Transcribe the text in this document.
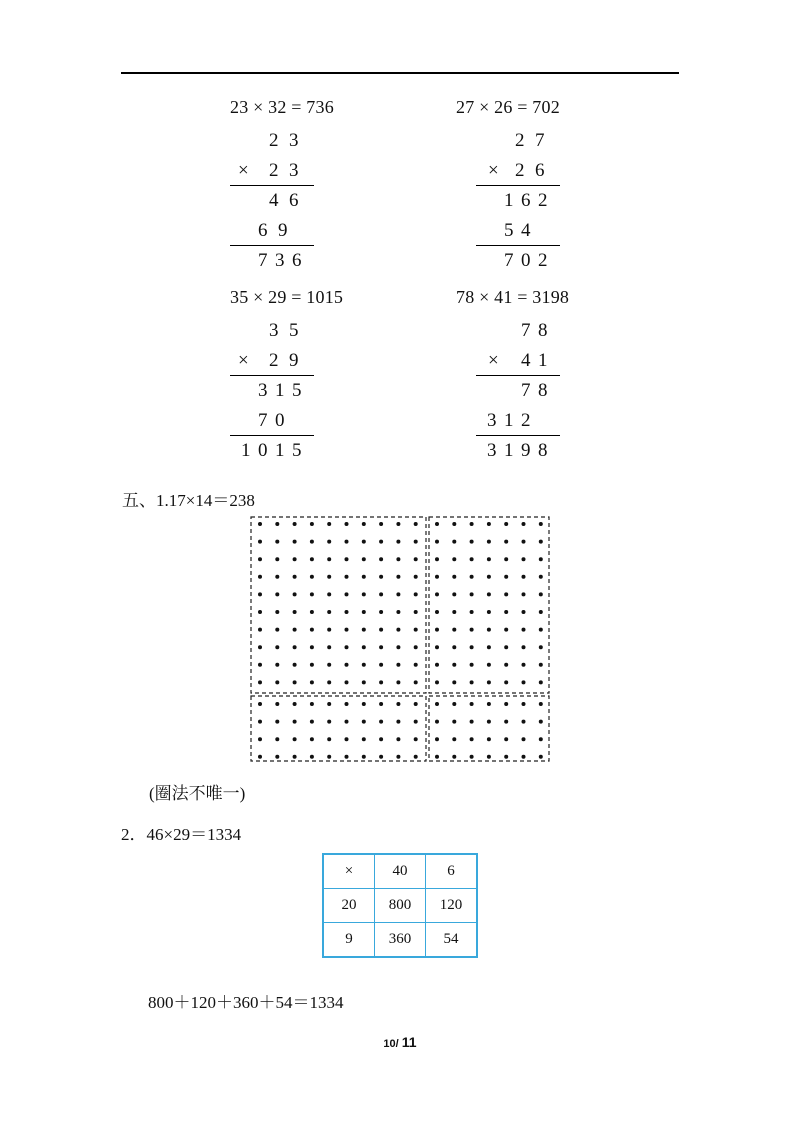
23 × 32 = 736
2 3
× 2 3
4 6
6 9
7 3 6
27 × 26 = 702
2 7
× 2 6
1 6 2
5 4
7 0 2
35 × 29 = 1015
3 5
× 2 9
3 1 5
7 0
1 0 1 5
78 × 41 = 3198
7 8
× 4 1
7 8
3 1 2
3 1 9 8
五、1.17×14＝238
(圈法不唯一)
2．46×29＝1334
×	40	6
20	800	120
9	360	54
800＋120＋360＋54＝1334
10/ 11
